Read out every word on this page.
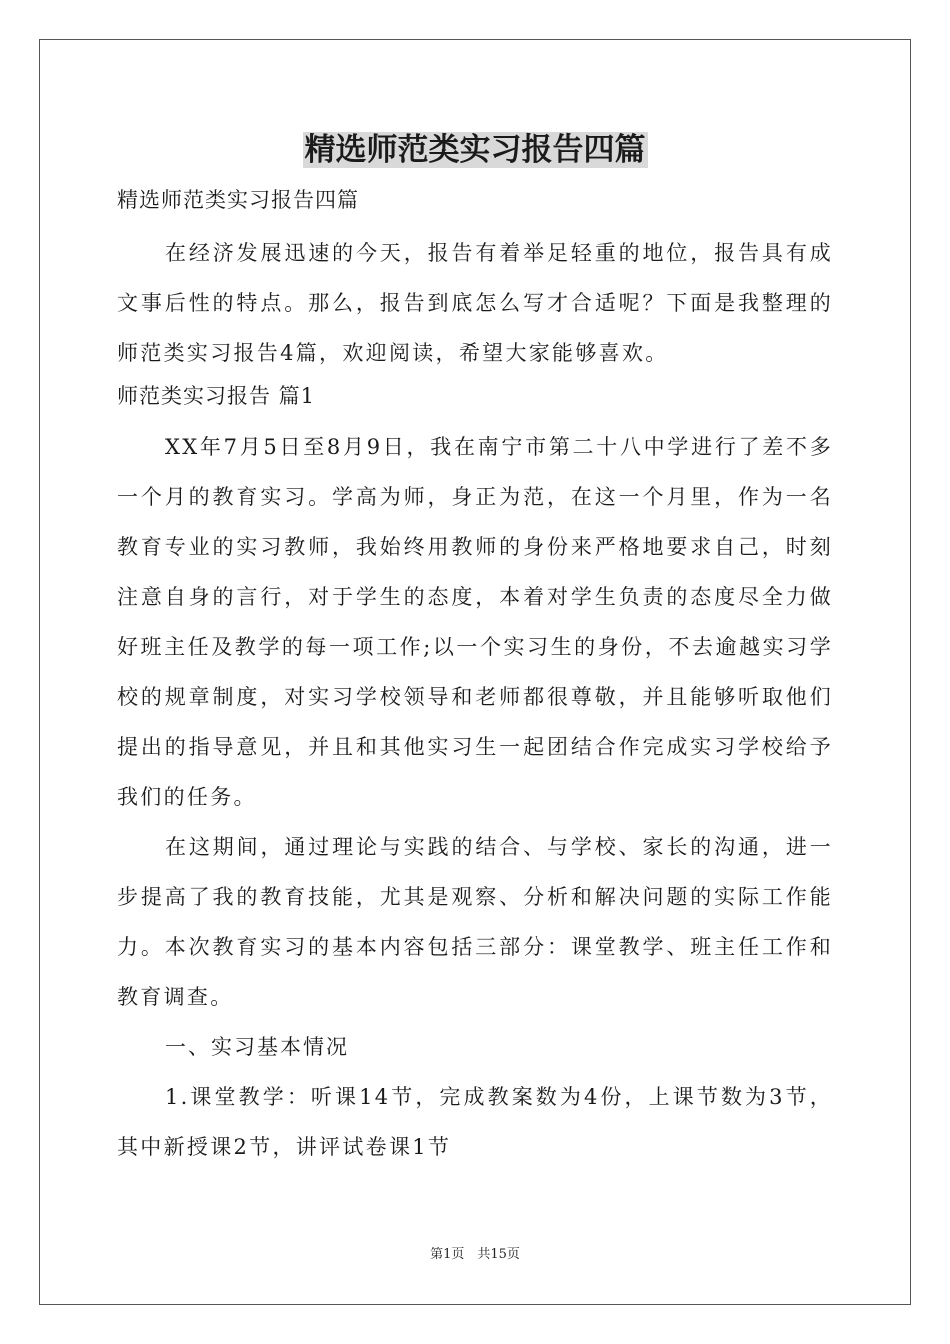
精选师范类实习报告四篇
精选师范类实习报告四篇

在经济发展迅速的今天，报告有着举足轻重的地位，报告具有成文事后性的特点。那么，报告到底怎么写才合适呢？下面是我整理的师范类实习报告4篇，欢迎阅读，希望大家能够喜欢。

师范类实习报告 篇1

XX年7月5日至8月9日，我在南宁市第二十八中学进行了差不多一个月的教育实习。学高为师，身正为范，在这一个月里，作为一名教育专业的实习教师，我始终用教师的身份来严格地要求自己，时刻注意自身的言行，对于学生的态度，本着对学生负责的态度尽全力做好班主任及教学的每一项工作;以一个实习生的身份，不去逾越实习学校的规章制度，对实习学校领导和老师都很尊敬，并且能够听取他们提出的指导意见，并且和其他实习生一起团结合作完成实习学校给予我们的任务。

在这期间，通过理论与实践的结合、与学校、家长的沟通，进一步提高了我的教育技能，尤其是观察、分析和解决问题的实际工作能力。本次教育实习的基本内容包括三部分：课堂教学、班主任工作和教育调查。

一、实习基本情况

1.课堂教学：听课14节，完成教案数为4份，上课节数为3节，其中新授课2节，讲评试卷课1节

第1页　共15页
